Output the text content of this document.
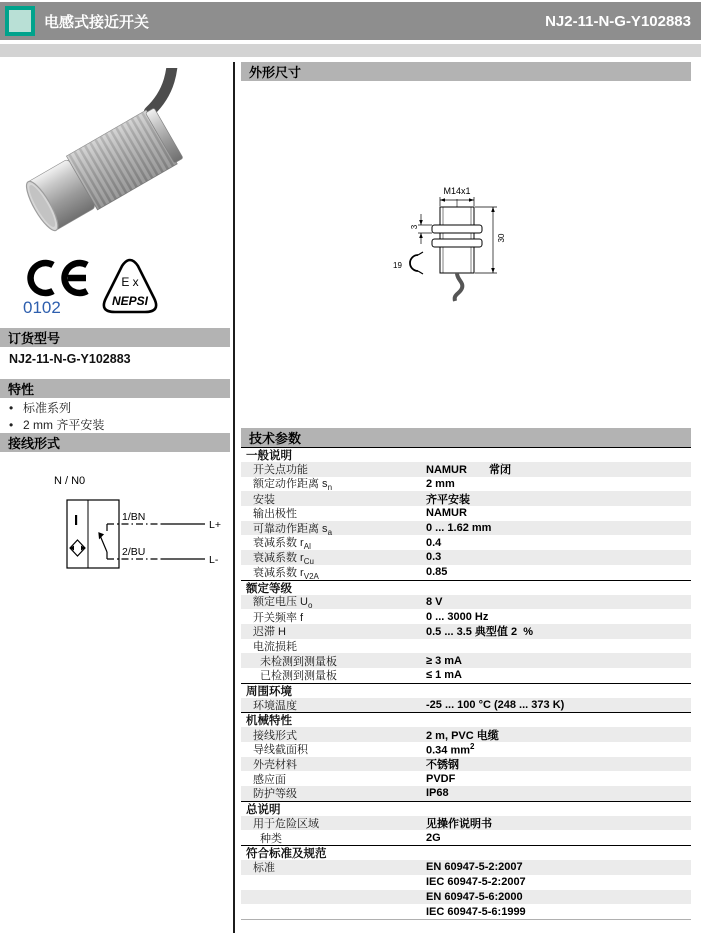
电感式接近开关	NJ2-11-N-G-Y102883
0102
E x
NEPSI
订货型号
NJ2-11-N-G-Y102883
特性
• 标准系列
• 2 mm 齐平安装
接线形式
N / N0
I	1/BN
2/BU
L+
L-
外形尺寸
M14x1
3
19
30
技术参数
一般说明
开关点功能	NAMUR 常闭
额定动作距离 $s_n$	2 mm
安装	齐平安装
输出极性	NAMUR
可靠动作距离 $s_a$	0 ... 1.62 mm
衰减系数 $r_{Al}$	0.4
衰减系数 $r_{Cu}$	0.3
衰减系数 $r_{V2A}$	0.85
额定等级
额定电压 $U_o$	8 V
开关频率 f	0 ... 3000 Hz
迟滞 H	0.5 ... 3.5 典型值 2  %
电流损耗
未检测到测量板	≥ 3 mA
已检测到测量板	≤ 1 mA
周围环境
环境温度	-25 ... 100 °C (248 ... 373 K)
机械特性
接线形式	2 m, PVC 电缆
导线截面积	0.34 $mm^2$
外壳材料	不锈钢
感应面	PVDF
防护等级	IP68
总说明
用于危险区域	见操作说明书
种类	2G
符合标准及规范
标准	EN 60947-5-2:2007
IEC 60947-5-2:2007
EN 60947-5-6:2000
IEC 60947-5-6:1999
